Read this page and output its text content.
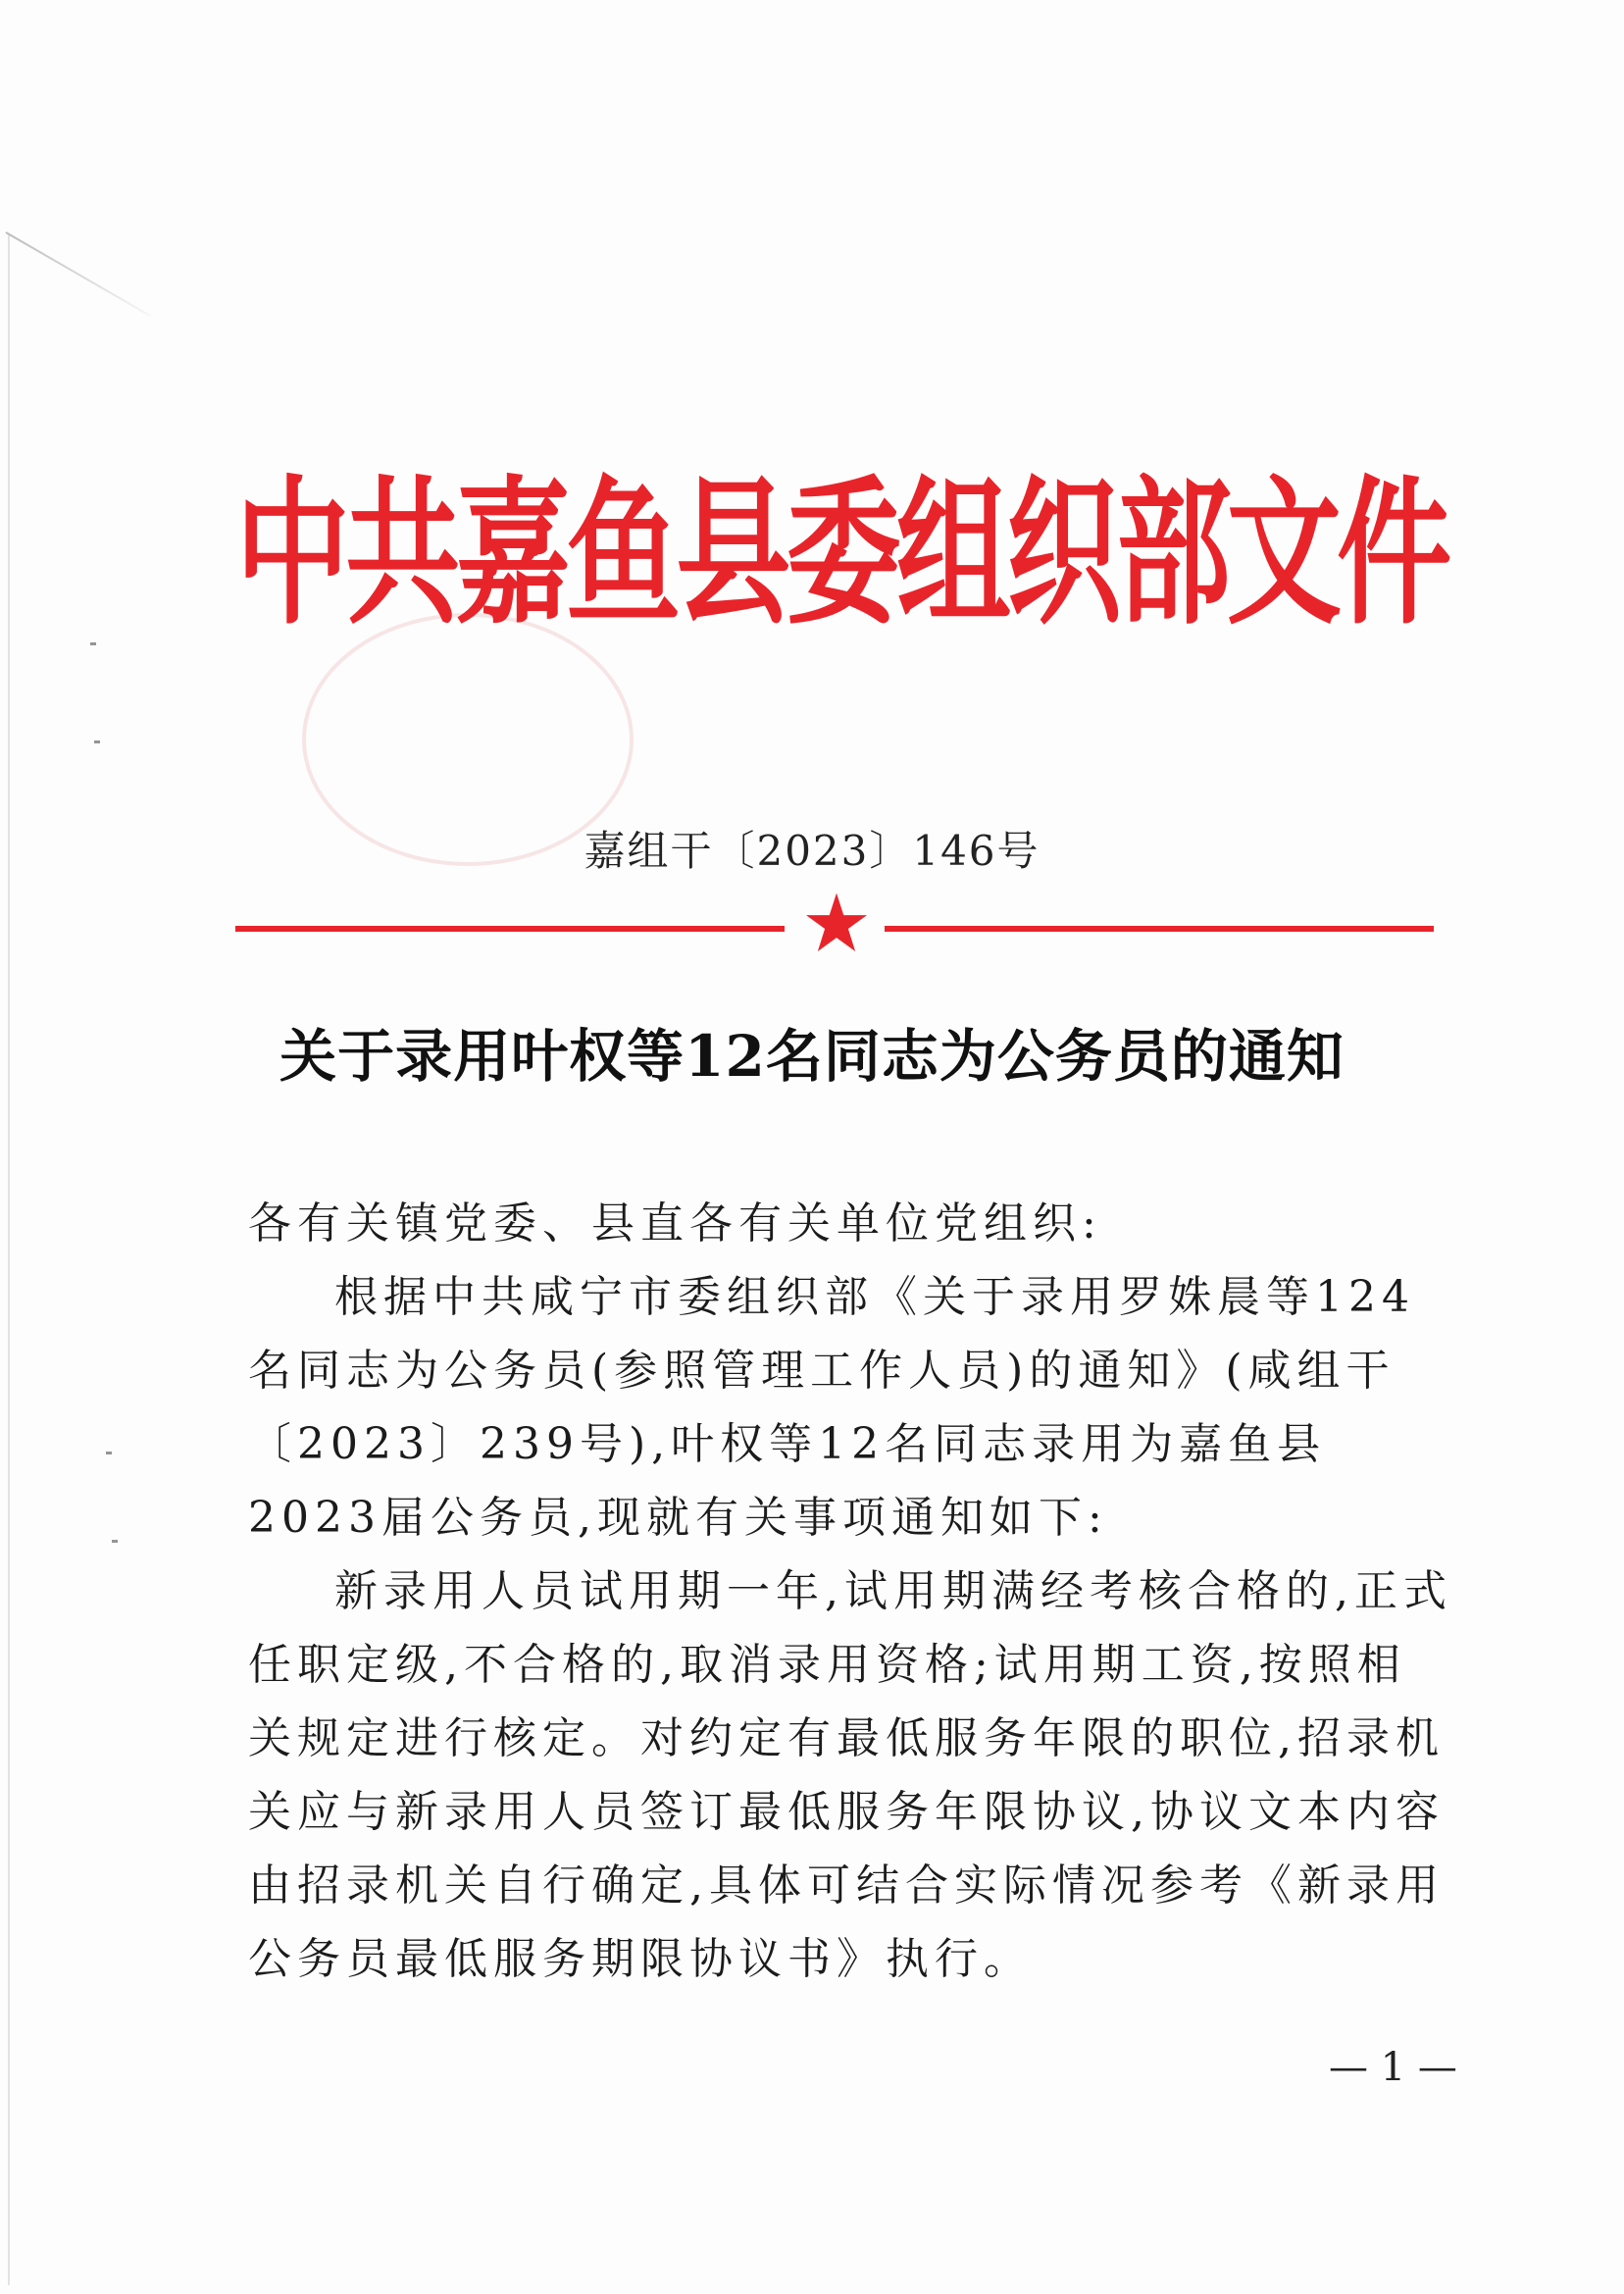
中共嘉鱼县委组织部文件
嘉组干〔2023〕146号
关于录用叶权等12名同志为公务员的通知
各有关镇党委、县直各有关单位党组织:
根据中共咸宁市委组织部《关于录用罗姝晨等124名同志为公务员(参照管理工作人员)的通知》(咸组干〔2023〕239号),叶权等12名同志录用为嘉鱼县2023届公务员,现就有关事项通知如下:
新录用人员试用期一年,试用期满经考核合格的,正式任职定级,不合格的,取消录用资格;试用期工资,按照相关规定进行核定。对约定有最低服务年限的职位,招录机关应与新录用人员签订最低服务年限协议,协议文本内容由招录机关自行确定,具体可结合实际情况参考《新录用公务员最低服务期限协议书》执行。
— 1 —
